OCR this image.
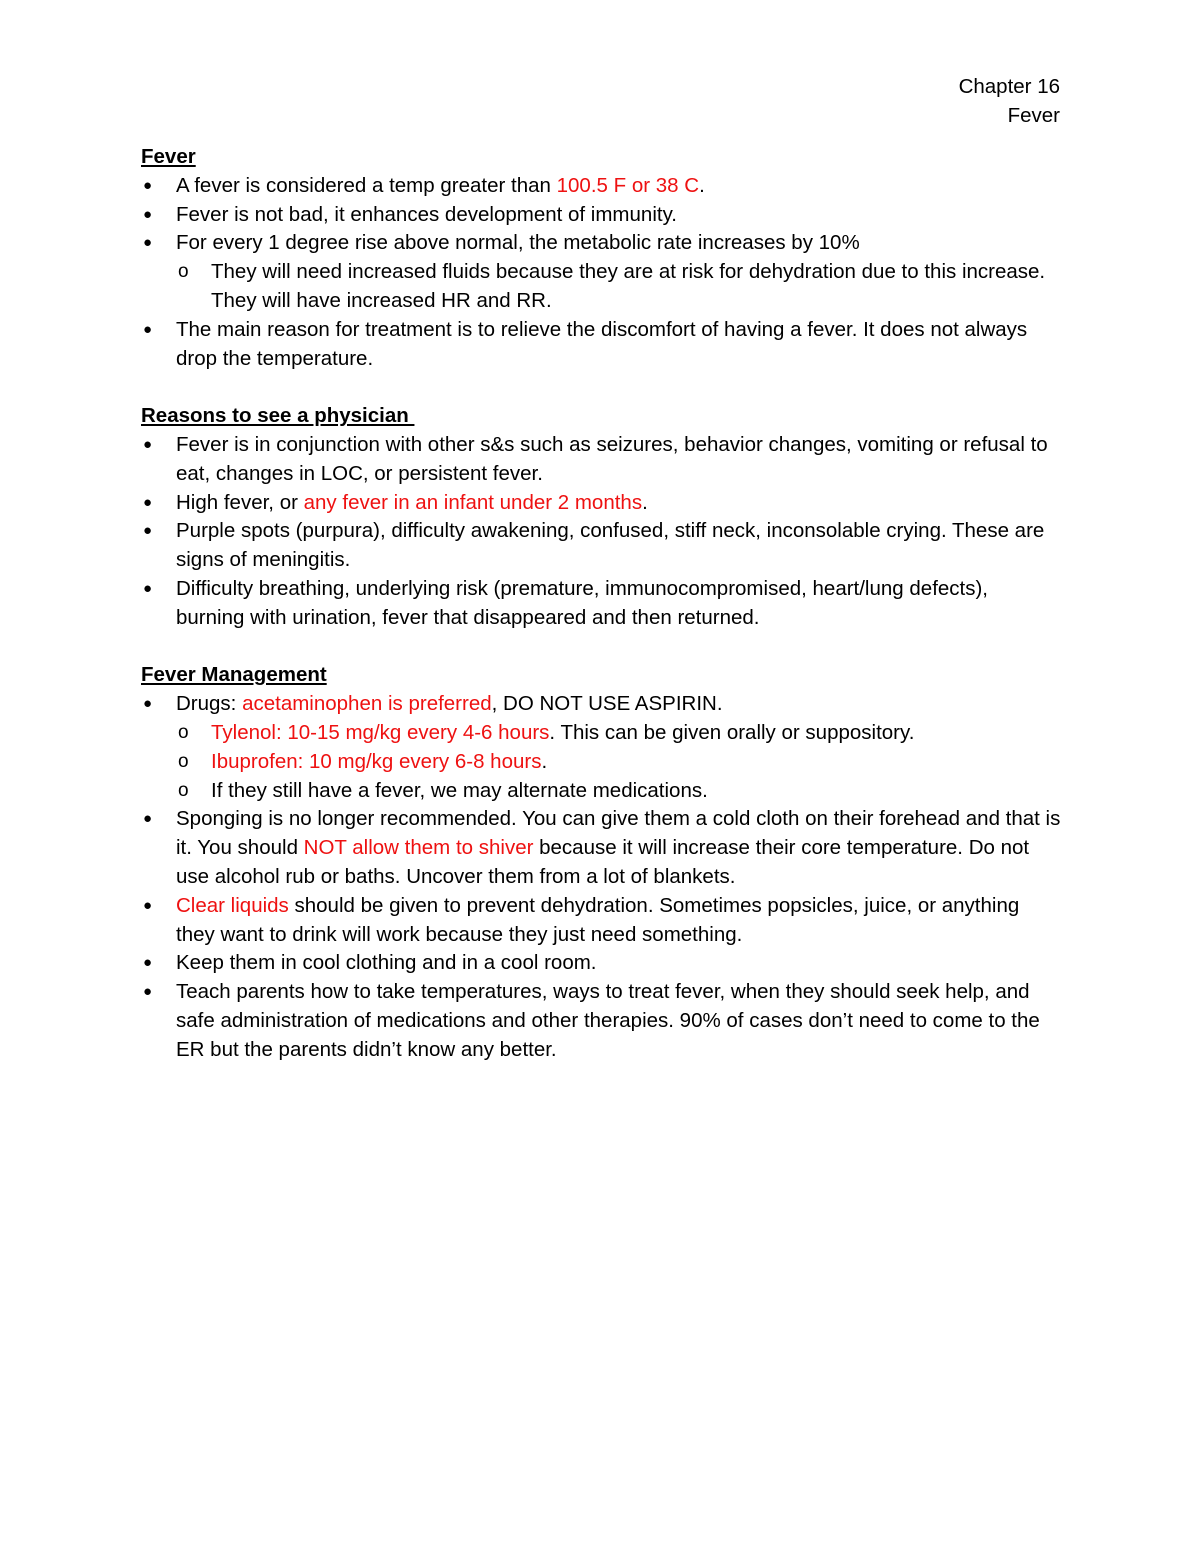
Chapter 16
Fever
Fever
●	A fever is considered a temp greater than 100.5 F or 38 C.
●	Fever is not bad, it enhances development of immunity.
●	For every 1 degree rise above normal, the metabolic rate increases by 10%
o They will need increased fluids because they are at risk for dehydration due to this increase. They will have increased HR and RR.
●	The main reason for treatment is to relieve the discomfort of having a fever. It does not always drop the temperature.
Reasons to see a physician
●	Fever is in conjunction with other s&s such as seizures, behavior changes, vomiting or refusal to eat, changes in LOC, or persistent fever.
●	High fever, or any fever in an infant under 2 months.
●	Purple spots (purpura), difficulty awakening, confused, stiff neck, inconsolable crying. These are signs of meningitis.
●	Difficulty breathing, underlying risk (premature, immunocompromised, heart/lung defects), burning with urination, fever that disappeared and then returned.
Fever Management
●	Drugs: acetaminophen is preferred, DO NOT USE ASPIRIN.
o Tylenol: 10-15 mg/kg every 4-6 hours. This can be given orally or suppository.
o Ibuprofen: 10 mg/kg every 6-8 hours.
o If they still have a fever, we may alternate medications.
●	Sponging is no longer recommended. You can give them a cold cloth on their forehead and that is it. You should NOT allow them to shiver because it will increase their core temperature. Do not use alcohol rub or baths. Uncover them from a lot of blankets.
●	Clear liquids should be given to prevent dehydration. Sometimes popsicles, juice, or anything they want to drink will work because they just need something.
●	Keep them in cool clothing and in a cool room.
●	Teach parents how to take temperatures, ways to treat fever, when they should seek help, and safe administration of medications and other therapies. 90% of cases don’t need to come to the ER but the parents didn’t know any better.
